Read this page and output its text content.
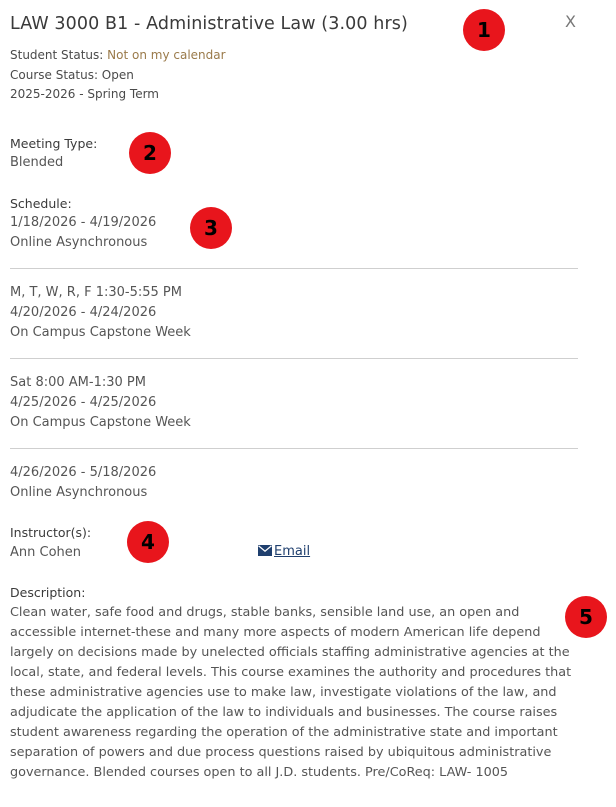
LAW 3000 B1 - Administrative Law (3.00 hrs)	X
Student Status: Not on my calendar
Course Status: Open
2025-2026 - Spring Term
Meeting Type:
Blended
Schedule:
1/18/2026 - 4/19/2026
Online Asynchronous
M, T, W, R, F 1:30-5:55 PM
4/20/2026 - 4/24/2026
On Campus Capstone Week
Sat 8:00 AM-1:30 PM
4/25/2026 - 4/25/2026
On Campus Capstone Week
4/26/2026 - 5/18/2026
Online Asynchronous
Instructor(s):
Ann Cohen	Email
Description:
Clean water, safe food and drugs, stable banks, sensible land use, an open and accessible internet-these and many more aspects of modern American life depend largely on decisions made by unelected officials staffing administrative agencies at the local, state, and federal levels. This course examines the authority and procedures that these administrative agencies use to make law, investigate violations of the law, and adjudicate the application of the law to individuals and businesses. The course raises student awareness regarding the operation of the administrative state and important separation of powers and due process questions raised by ubiquitous administrative governance. Blended courses open to all J.D. students. Pre/CoReq: LAW- 1005
1
2
3
4
5
